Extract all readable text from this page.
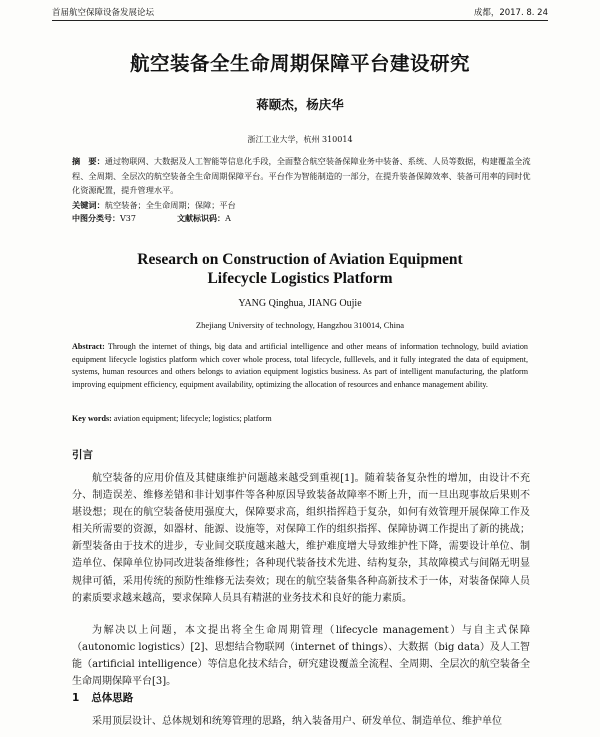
首届航空保障设备发展论坛	成都，2017. 8. 24
航空装备全生命周期保障平台建设研究
蒋颐杰，杨庆华
浙江工业大学，杭州 310014
摘　要：通过物联网、大数据及人工智能等信息化手段，全面整合航空装备保障业务中装备、系统、人员等数据，构建覆盖全流程、全周期、全层次的航空装备全生命周期保障平台。平台作为智能制造的一部分，在提升装备保障效率、装备可用率的同时优化资源配置，提升管理水平。
关键词：航空装备；全生命周期；保障；平台
中图分类号：V37	文献标识码：A
Research on Construction of Aviation Equipment
Lifecycle Logistics Platform
YANG Qinghua, JIANG Oujie
Zhejiang University of technology, Hangzhou 310014, China
Abstract: Through the internet of things, big data and artificial intelligence and other means of information technology, build aviation equipment lifecycle logistics platform which cover whole process, total lifecycle, fulllevels, and it fully integrated the data of equipment, systems, human resources and others belongs to aviation equipment logistics business. As part of intelligent manufacturing, the platform improving equipment efficiency, equipment availability, optimizing the allocation of resources and enhance management ability.
Key words: aviation equipment; lifecycle; logistics; platform
引言
航空装备的应用价值及其健康维护问题越来越受到重视[1]。随着装备复杂性的增加，由设计不充分、制造误差、维修差错和非计划事件等各种原因导致装备故障率不断上升，而一旦出现事故后果则不堪设想；现在的航空装备使用强度大，保障要求高，组织指挥趋于复杂，如何有效管理开展保障工作及相关所需要的资源，如器材、能源、设施等，对保障工作的组织指挥、保障协调工作提出了新的挑战；新型装备由于技术的进步，专业间交联度越来越大，维护难度增大导致维护性下降，需要设计单位、制造单位、保障单位协同改进装备维修性；各种现代装备技术先进、结构复杂，其故障模式与间隔无明显规律可循，采用传统的预防性维修无法奏效；现在的航空装备集各种高新技术于一体，对装备保障人员的素质要求越来越高，要求保障人员具有精湛的业务技术和良好的能力素质。
为解决以上问题，本文提出将全生命周期管理（lifecycle management）与自主式保障（autonomic logistics）[2]、思想结合物联网（internet of things）、大数据（big data）及人工智能（artificial intelligence）等信息化技术结合，研究建设覆盖全流程、全周期、全层次的航空装备全生命周期保障平台[3]。
1 总体思路
采用顶层设计、总体规划和统筹管理的思路，纳入装备用户、研发单位、制造单位、维护单位
